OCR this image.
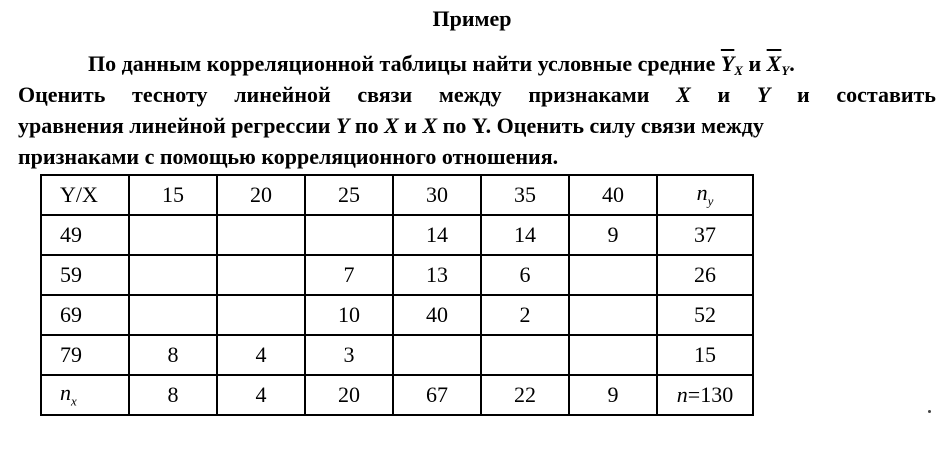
Пример
По данным корреляционной таблицы найти условные средние $\overline{Y}X$ и $\overline{X}Y$.
Оценить тесноту линейной связи между признаками X и Y и составить
уравнения линейной регрессии Y по X и X по Y. Оценить силу связи между
признаками с помощью корреляционного отношения.
Y/X	15	20	25	30	35	40	$n_y$
49				14	14	9	37
59			7	13	6		26
69			10	40	2		52
79	8	4	3				15
$n_x$	8	4	20	67	22	9	n=130
